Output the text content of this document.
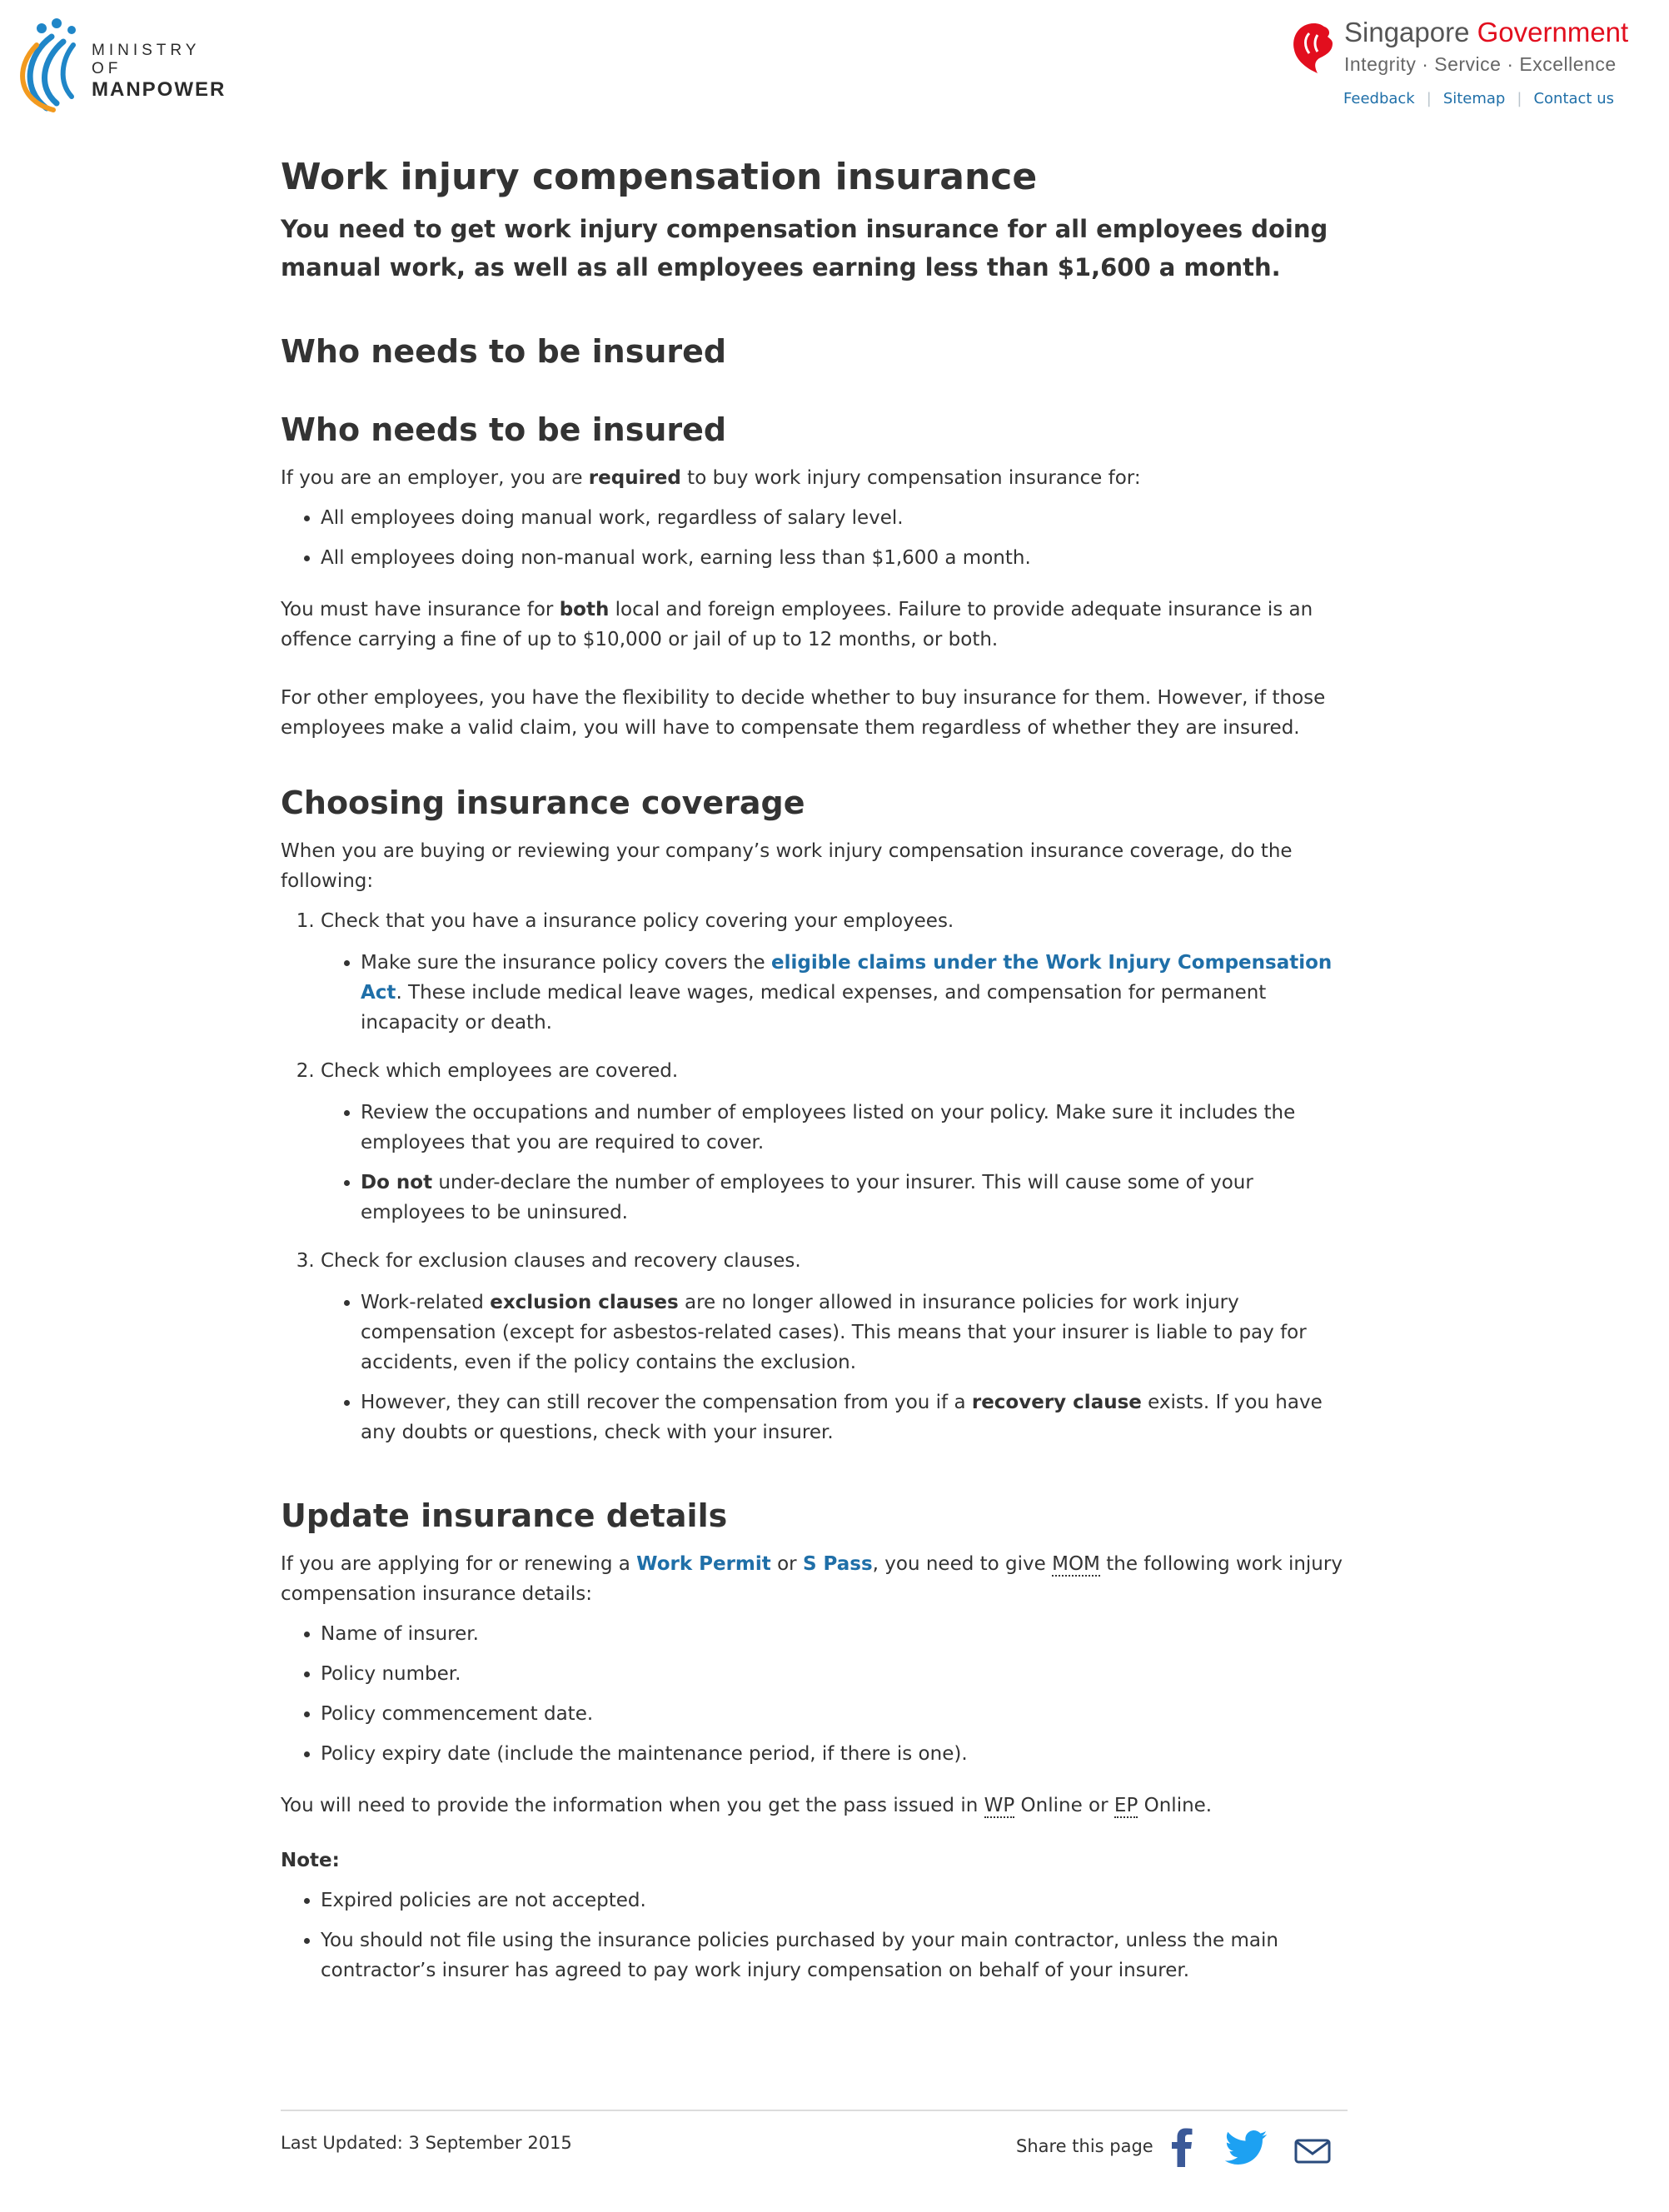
MINISTRY OF
MANPOWER
Singapore Government
Integrity · Service · Excellence
Feedback | Sitemap | Contact us
Work injury compensation insurance

You need to get work injury compensation insurance for all employees doing manual work, as well as all employees earning less than $1,600 a month.

Who needs to be insured
Who needs to be insured

If you are an employer, you are required to buy work injury compensation insurance for:

• All employees doing manual work, regardless of salary level.
• All employees doing non-manual work, earning less than $1,600 a month.

You must have insurance for both local and foreign employees. Failure to provide adequate insurance is an offence carrying a fine of up to $10,000 or jail of up to 12 months, or both.

For other employees, you have the flexibility to decide whether to buy insurance for them. However, if those employees make a valid claim, you will have to compensate them regardless of whether they are insured.

Choosing insurance coverage

When you are buying or reviewing your company’s work injury compensation insurance coverage, do the following:

1. Check that you have a insurance policy covering your employees.
• Make sure the insurance policy covers the eligible claims under the Work Injury Compensation Act. These include medical leave wages, medical expenses, and compensation for permanent incapacity or death.
2. Check which employees are covered.
• Review the occupations and number of employees listed on your policy. Make sure it includes the employees that you are required to cover.
• Do not under-declare the number of employees to your insurer. This will cause some of your employees to be uninsured.
3. Check for exclusion clauses and recovery clauses.
• Work-related exclusion clauses are no longer allowed in insurance policies for work injury compensation (except for asbestos-related cases). This means that your insurer is liable to pay for accidents, even if the policy contains the exclusion.
• However, they can still recover the compensation from you if a recovery clause exists. If you have any doubts or questions, check with your insurer.
Update insurance details

If you are applying for or renewing a Work Permit or S Pass, you need to give MOM the following work injury compensation insurance details:

• Name of insurer.
• Policy number.
• Policy commencement date.
• Policy expiry date (include the maintenance period, if there is one).

You will need to provide the information when you get the pass issued in WP Online or EP Online.

Note:

• Expired policies are not accepted.
• You should not file using the insurance policies purchased by your main contractor, unless the main contractor’s insurer has agreed to pay work injury compensation on behalf of your insurer.
Last Updated: 3 September 2015	Share this page
